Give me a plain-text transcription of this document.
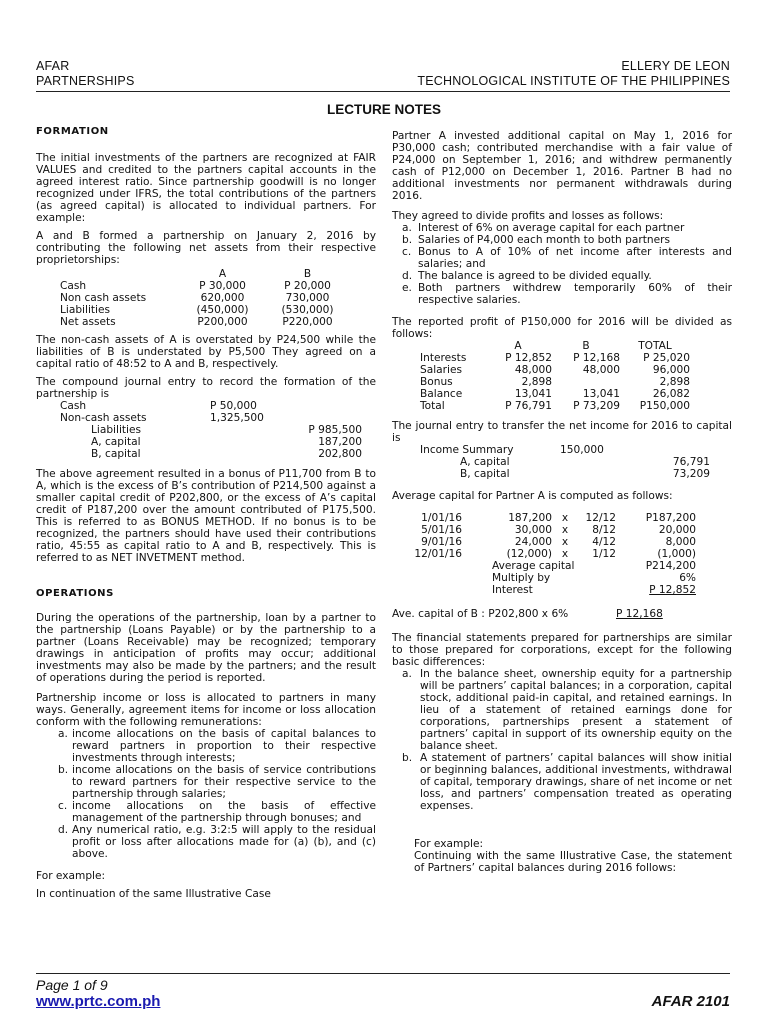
AFAR	ELLERY DE LEON
PARTNERSHIPS	TECHNOLOGICAL INSTITUTE OF THE PHILIPPINES
LECTURE NOTES
FORMATION

The initial investments of the partners are recognized at FAIR VALUES and credited to the partners capital accounts in the agreed interest ratio. Since partnership goodwill is no longer recognized under IFRS, the total contributions of the partners (as agreed capital) is allocated to individual partners. For example:

A and B formed a partnership on January 2, 2016 by contributing the following net assets from their respective proprietorships:

	A	B
Cash	P 30,000	P 20,000
Non cash assets	620,000	730,000
Liabilities	(450,000)	(530,000)
Net assets	P200,000	P220,000

The non-cash assets of A is overstated by P24,500 while the liabilities of B is understated by P5,500 They agreed on a capital ratio of 48:52 to A and B, respectively.

The compound journal entry to record the formation of the partnership is

Cash	P 50,000	
Non-cash assets	1,325,500	
Liabilities		P 985,500
A, capital		187,200
B, capital		202,800

The above agreement resulted in a bonus of P11,700 from B to A, which is the excess of B’s contribution of P214,500 against a smaller capital credit of P202,800, or the excess of A’s capital credit of P187,200 over the amount contributed of P175,500. This is referred to as BONUS METHOD. If no bonus is to be recognized, the partners should have used their contributions ratio, 45:55 as capital ratio to A and B, respectively. This is referred to as NET INVETMENT method.

OPERATIONS

During the operations of the partnership, loan by a partner to the partnership (Loans Payable) or by the partnership to a partner (Loans Receivable) may be recognized; temporary drawings in anticipation of profits may occur; additional investments may also be made by the partners; and the result of operations during the period is reported.

Partnership income or loss is allocated to partners in many ways. Generally, agreement items for income or loss allocation conform with the following remunerations:

a. income allocations on the basis of capital balances to reward partners in proportion to their respective investments through interests;
b. income allocations on the basis of service contributions to reward partners for their respective service to the partnership through salaries;
c. income allocations on the basis of effective management of the partnership through bonuses; and
d. Any numerical ratio, e.g. 3:2:5 will apply to the residual profit or loss after allocations made for (a) (b), and (c) above.

For example:

In continuation of the same Illustrative Case

Partner A invested additional capital on May 1, 2016 for P30,000 cash; contributed merchandise with a fair value of P24,000 on September 1, 2016; and withdrew permanently cash of P12,000 on December 1, 2016. Partner B had no additional investments nor permanent withdrawals during 2016.

They agreed to divide profits and losses as follows:

a. Interest of 6% on average capital for each partner
b. Salaries of P4,000 each month to both partners
c. Bonus to A of 10% of net income after interests and salaries; and
d. The balance is agreed to be divided equally.
e. Both partners withdrew temporarily 60% of their respective salaries.

The reported profit of P150,000 for 2016 will be divided as follows:

	A	B	TOTAL
Interests	P 12,852	P 12,168	P 25,020
Salaries	48,000	48,000	96,000
Bonus	2,898		2,898
Balance	13,041	13,041	26,082
Total	P 76,791	P 73,209	P150,000

The journal entry to transfer the net income for 2016 to capital is

Income Summary	150,000	
A, capital		76,791
B, capital		73,209

Average capital for Partner A is computed as follows:

1/01/16	187,200	x	12/12	P187,200
5/01/16	30,000	x	8/12	20,000
9/01/16	24,000	x	4/12	8,000
12/01/16	(12,000)	x	1/12	(1,000)
	Average capital			P214,200
	Multiply by			6%
	Interest			P 12,852
Ave. capital of B : P202,800 x 6%	P 12,168

The financial statements prepared for partnerships are similar to those prepared for corporations, except for the following basic differences:

a. In the balance sheet, ownership equity for a partnership will be partners’ capital balances; in a corporation, capital stock, additional paid-in capital, and retained earnings. In lieu of a statement of retained earnings done for corporations, partnerships present a statement of partners’ capital in support of its ownership equity on the balance sheet.
b. A statement of partners’ capital balances will show initial or beginning balances, additional investments, withdrawal of capital, temporary drawings, share of net income or net loss, and partners’ compensation treated as operating expenses.

For example:

Continuing with the same Illustrative Case, the statement of Partners’ capital balances during 2016 follows:

Page 1 of 9
www.prtc.com.ph	AFAR 2101
